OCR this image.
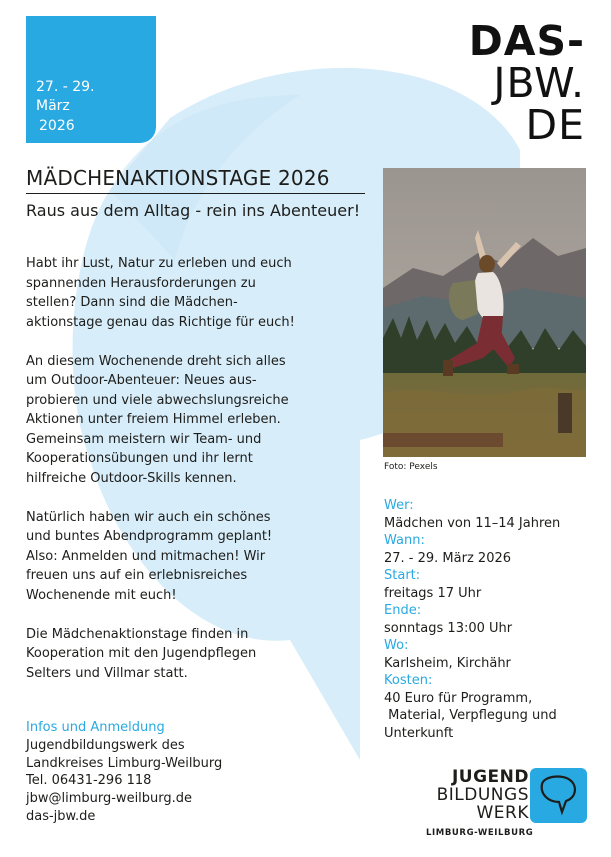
27. - 29.
März
2026
DAS-
JBW.
DE
MÄDCHENAKTIONSTAGE 2026
Raus aus dem Alltag - rein ins Abenteuer!

Habt ihr Lust, Natur zu erleben und euch
spannenden Herausforderungen zu
stellen? Dann sind die Mädchen-
aktionstage genau das Richtige für euch!

An diesem Wochenende dreht sich alles
um Outdoor-Abenteuer: Neues aus-
probieren und viele abwechslungsreiche
Aktionen unter freiem Himmel erleben.
Gemeinsam meistern wir Team- und
Kooperationsübungen und ihr lernt
hilfreiche Outdoor-Skills kennen.

Natürlich haben wir auch ein schönes
und buntes Abendprogramm geplant!
Also: Anmelden und mitmachen! Wir
freuen uns auf ein erlebnisreiches
Wochenende mit euch!

Die Mädchenaktionstage finden in
Kooperation mit den Jugendpflegen
Selters und Villmar statt.

Infos und Anmeldung
Jugendbildungswerk des
Landkreises Limburg-Weilburg
Tel. 06431-296 118
jbw@limburg-weilburg.de
das-jbw.de
Foto: Pexels
Wer:
Mädchen von 11–14 Jahren
Wann:
27. - 29. März 2026
Start:
freitags 17 Uhr
Ende:
sonntags 13:00 Uhr
Wo:
Karlsheim, Kirchähr
Kosten:
40 Euro für Programm,
Material, Verpflegung und
Unterkunft
JUGEND
BILDUNGS
WERK
LIMBURG-WEILBURG
